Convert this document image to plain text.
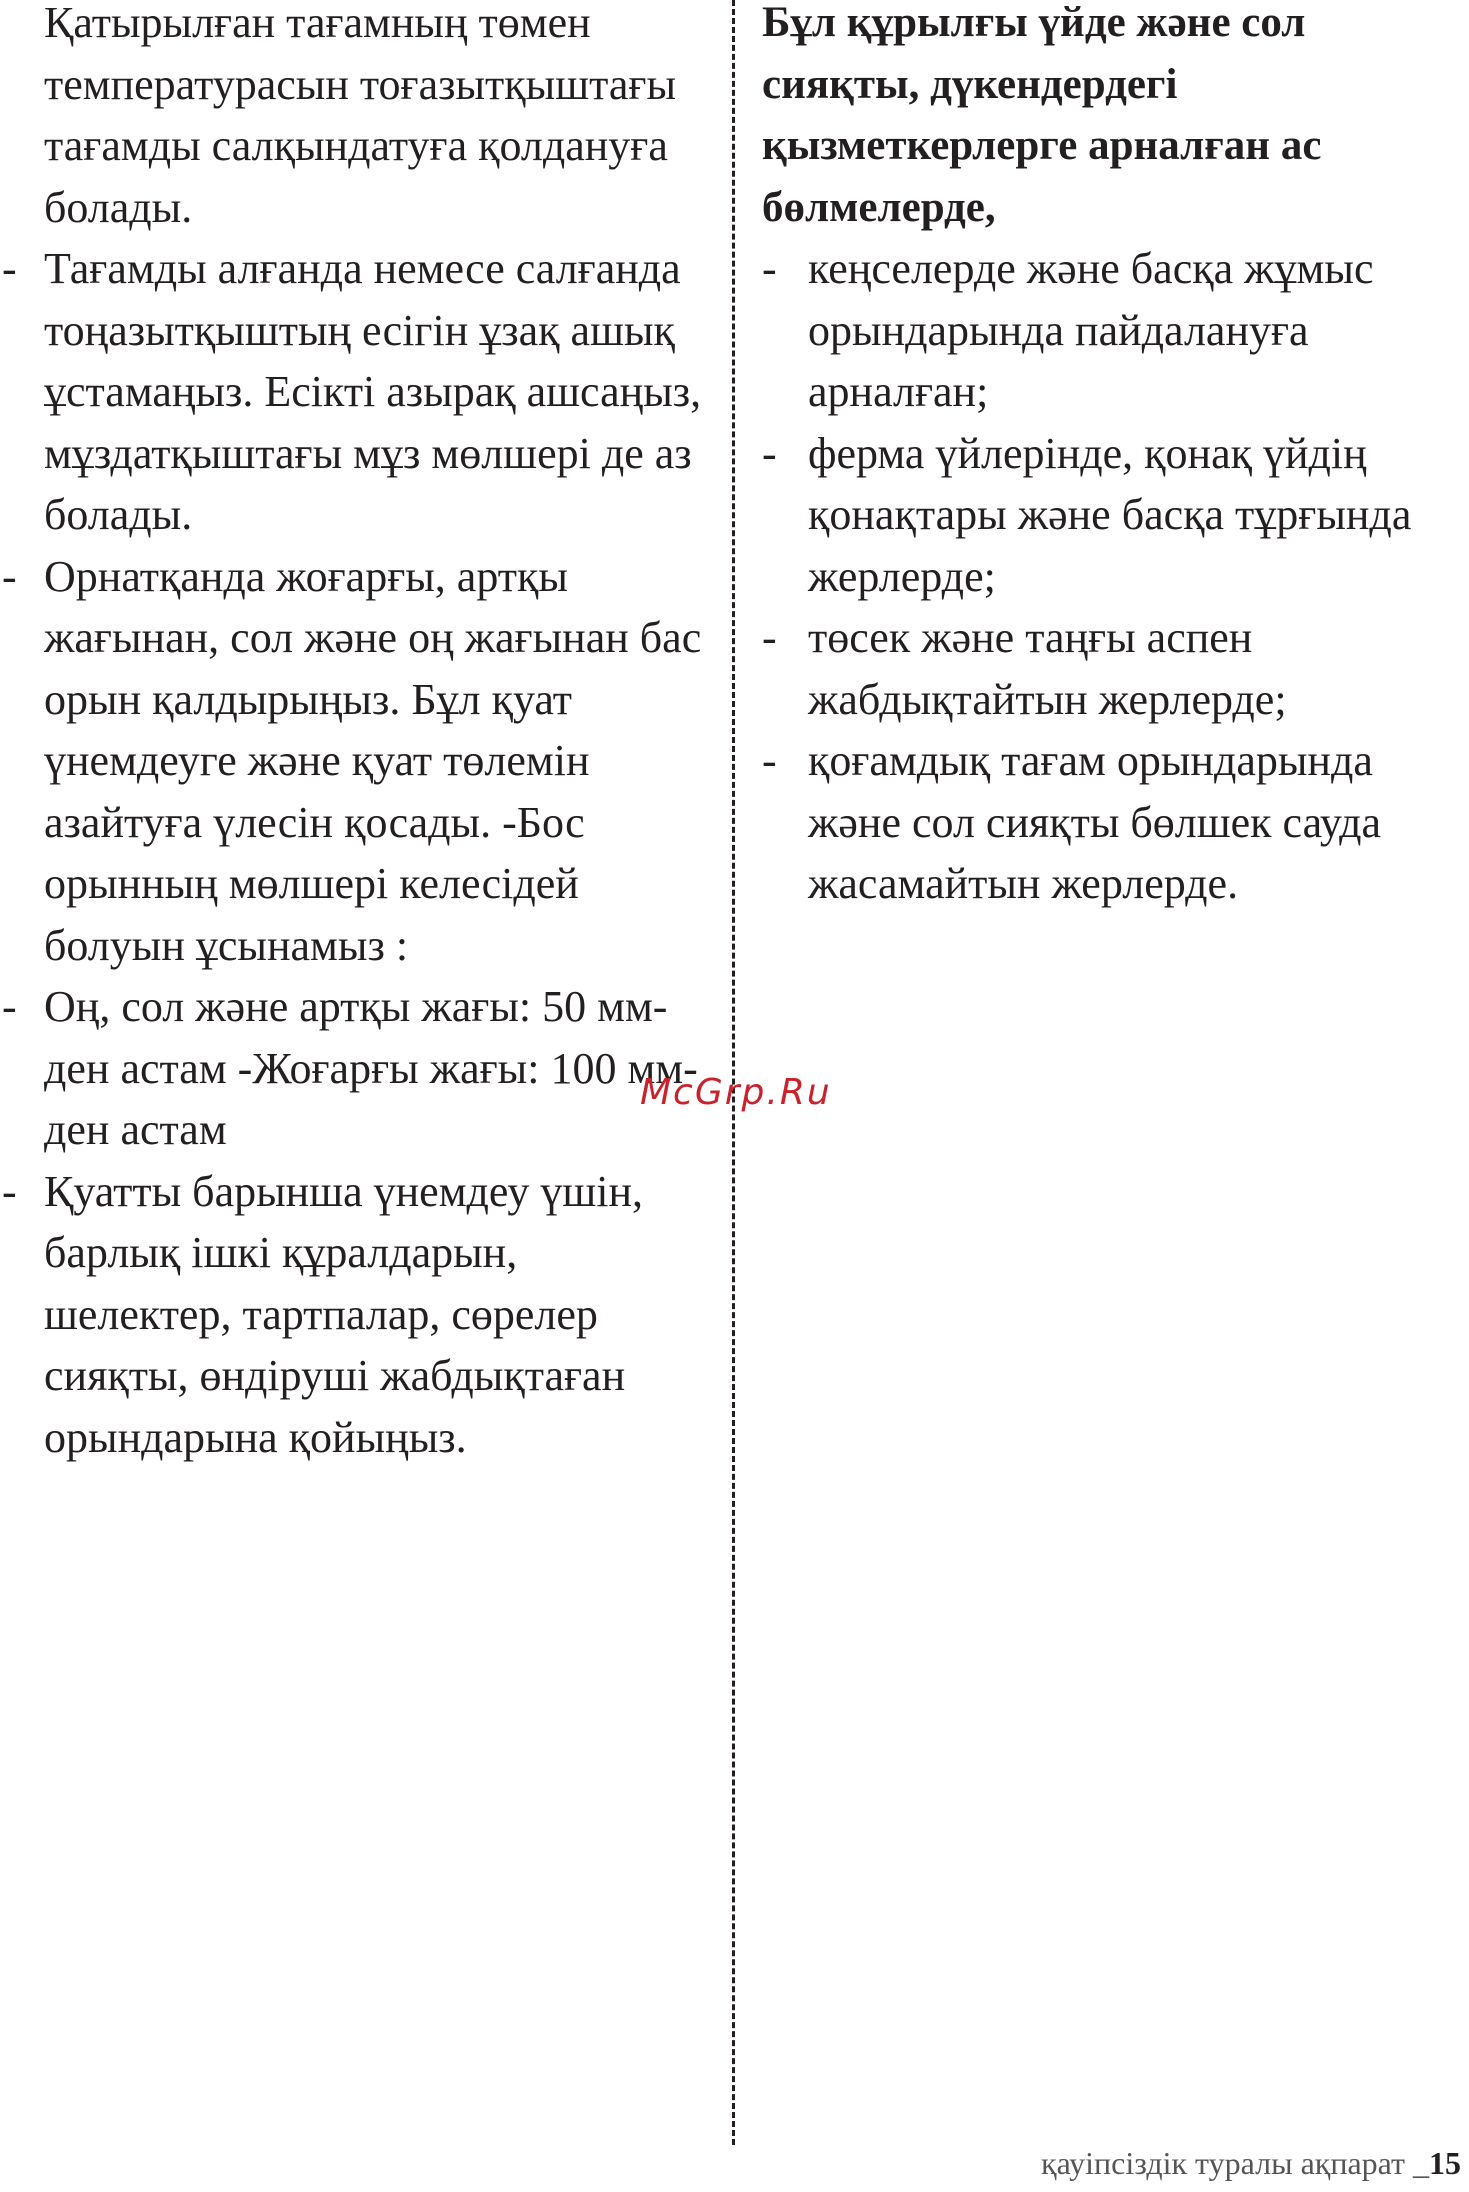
Қатырылған тағамның төмен температурасын тоғазытқыштағы тағамды салқындатуға қолдануға болады.
- Тағамды алғанда немесе салғанда тоңазытқыштың есігін ұзақ ашық ұстамаңыз. Есікті азырақ ашсаңыз, мұздатқыштағы мұз мөлшері де аз болады.
- Орнатқанда жоғарғы, артқы жағынан, сол және оң жағынан бас орын қалдырыңыз. Бұл қуат үнемдеуге және қуат төлемін азайтуға үлесін қосады. -Бос орынның мөлшері келесідей болуын ұсынамыз :
- Оң, сол және артқы жағы: 50 мм-ден астам -Жоғарғы жағы: 100 мм-ден астам
- Қуатты барынша үнемдеу үшін, барлық ішкі құралдарын, шелектер, тартпалар, сөрелер сияқты, өндіруші жабдықтаған орындарына қойыңыз.

Бұл құрылғы үйде және сол сияқты, дүкендердегі қызметкерлерге арналған ас бөлмелерде,

- кеңселерде және басқа жұмыс орындарында пайдалануға арналған;
- ферма үйлерінде, қонақ үйдің қонақтары және басқа тұрғында жерлерде;
- төсек және таңғы аспен жабдықтайтын жерлерде;
- қоғамдық тағам орындарында және сол сияқты бөлшек сауда жасамайтын жерлерде.
McGrp.Ru
қауіпсіздік туралы ақпарат _15
